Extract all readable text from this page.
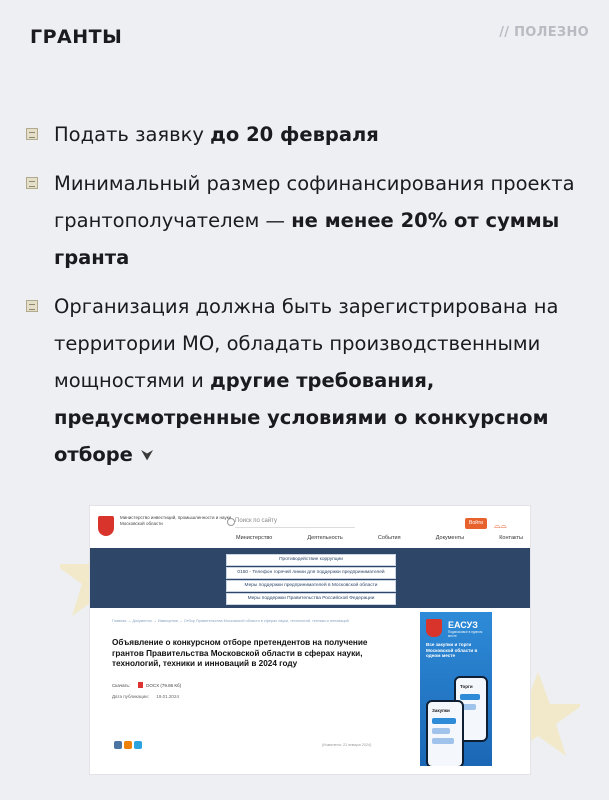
ГРАНТЫ	// ПОЛЕЗНО
Подать заявку до 20 февраля
Минимальный размер софинансирования проекта грантополучателем — не менее 20% от суммы гранта
Организация должна быть зарегистрирована на территории МО, обладать производственными мощностями и другие требования, предусмотренные условиями о конкурсном отборе ⮟
Министерство инвестиций, промышленности и науки Московской области	Поиск по сайту	Войти	⌓⌓
Министерство	Деятельность	События	Документы	Контакты
Противодействие коррупции
0150 - Телефон горячей линии для поддержки предпринимателей
Меры поддержки предпринимателей в Московской области
Меры поддержки Правительства Российской Федерации
Главная → Документы → Извещения → Отбор Правительства Московской области в сферах науки, технологий, техники и инноваций
Объявление о конкурсном отборе претендентов на получение грантов Правительства Московской области в сферах науки, технологий, техники и инноваций в 2024 году
Скачать:	DOCX (79.86 Кб)
Дата публикации: 19.01.2024
(Изменено: 22 января 2024)
ЕАСУЗ
Подмосковье в едином месте
Все закупки и торги Московской области в одном месте
Торги
Закупки
